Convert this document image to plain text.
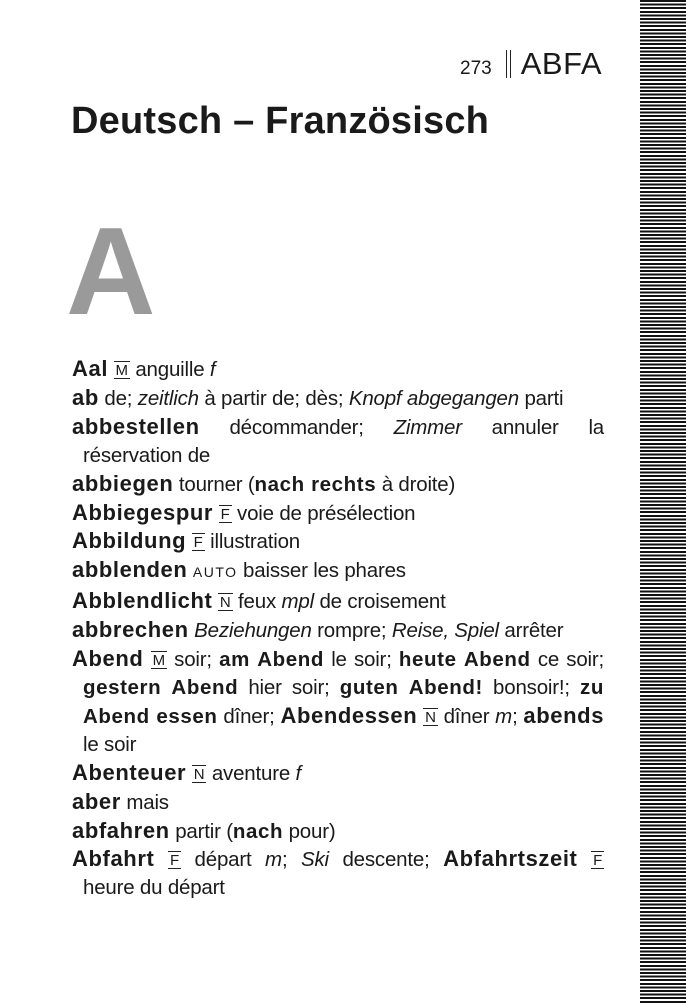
273 ABFA
Deutsch – Französisch
A

Aal M anguille f

ab de; zeitlich à partir de; dès; Knopf abgegangen parti

abbestellen décommander; Zimmer annuler la réservation de

abbiegen tourner (nach rechts à droite)

Abbiegespur F voie de présélection

Abbildung F illustration

abblenden AUTO baisser les phares

Abblendlicht N feux mpl de croisement

abbrechen Beziehungen rompre; Reise, Spiel arrêter

Abend M soir; am Abend le soir; heute Abend ce soir; gestern Abend hier soir; guten Abend! bonsoir!; zu Abend essen dîner; Abendessen N dîner m; abends le soir

Abenteuer N aventure f

aber mais

abfahren partir (nach pour)

Abfahrt F départ m; Ski descente; Abfahrtszeit F heure du départ
